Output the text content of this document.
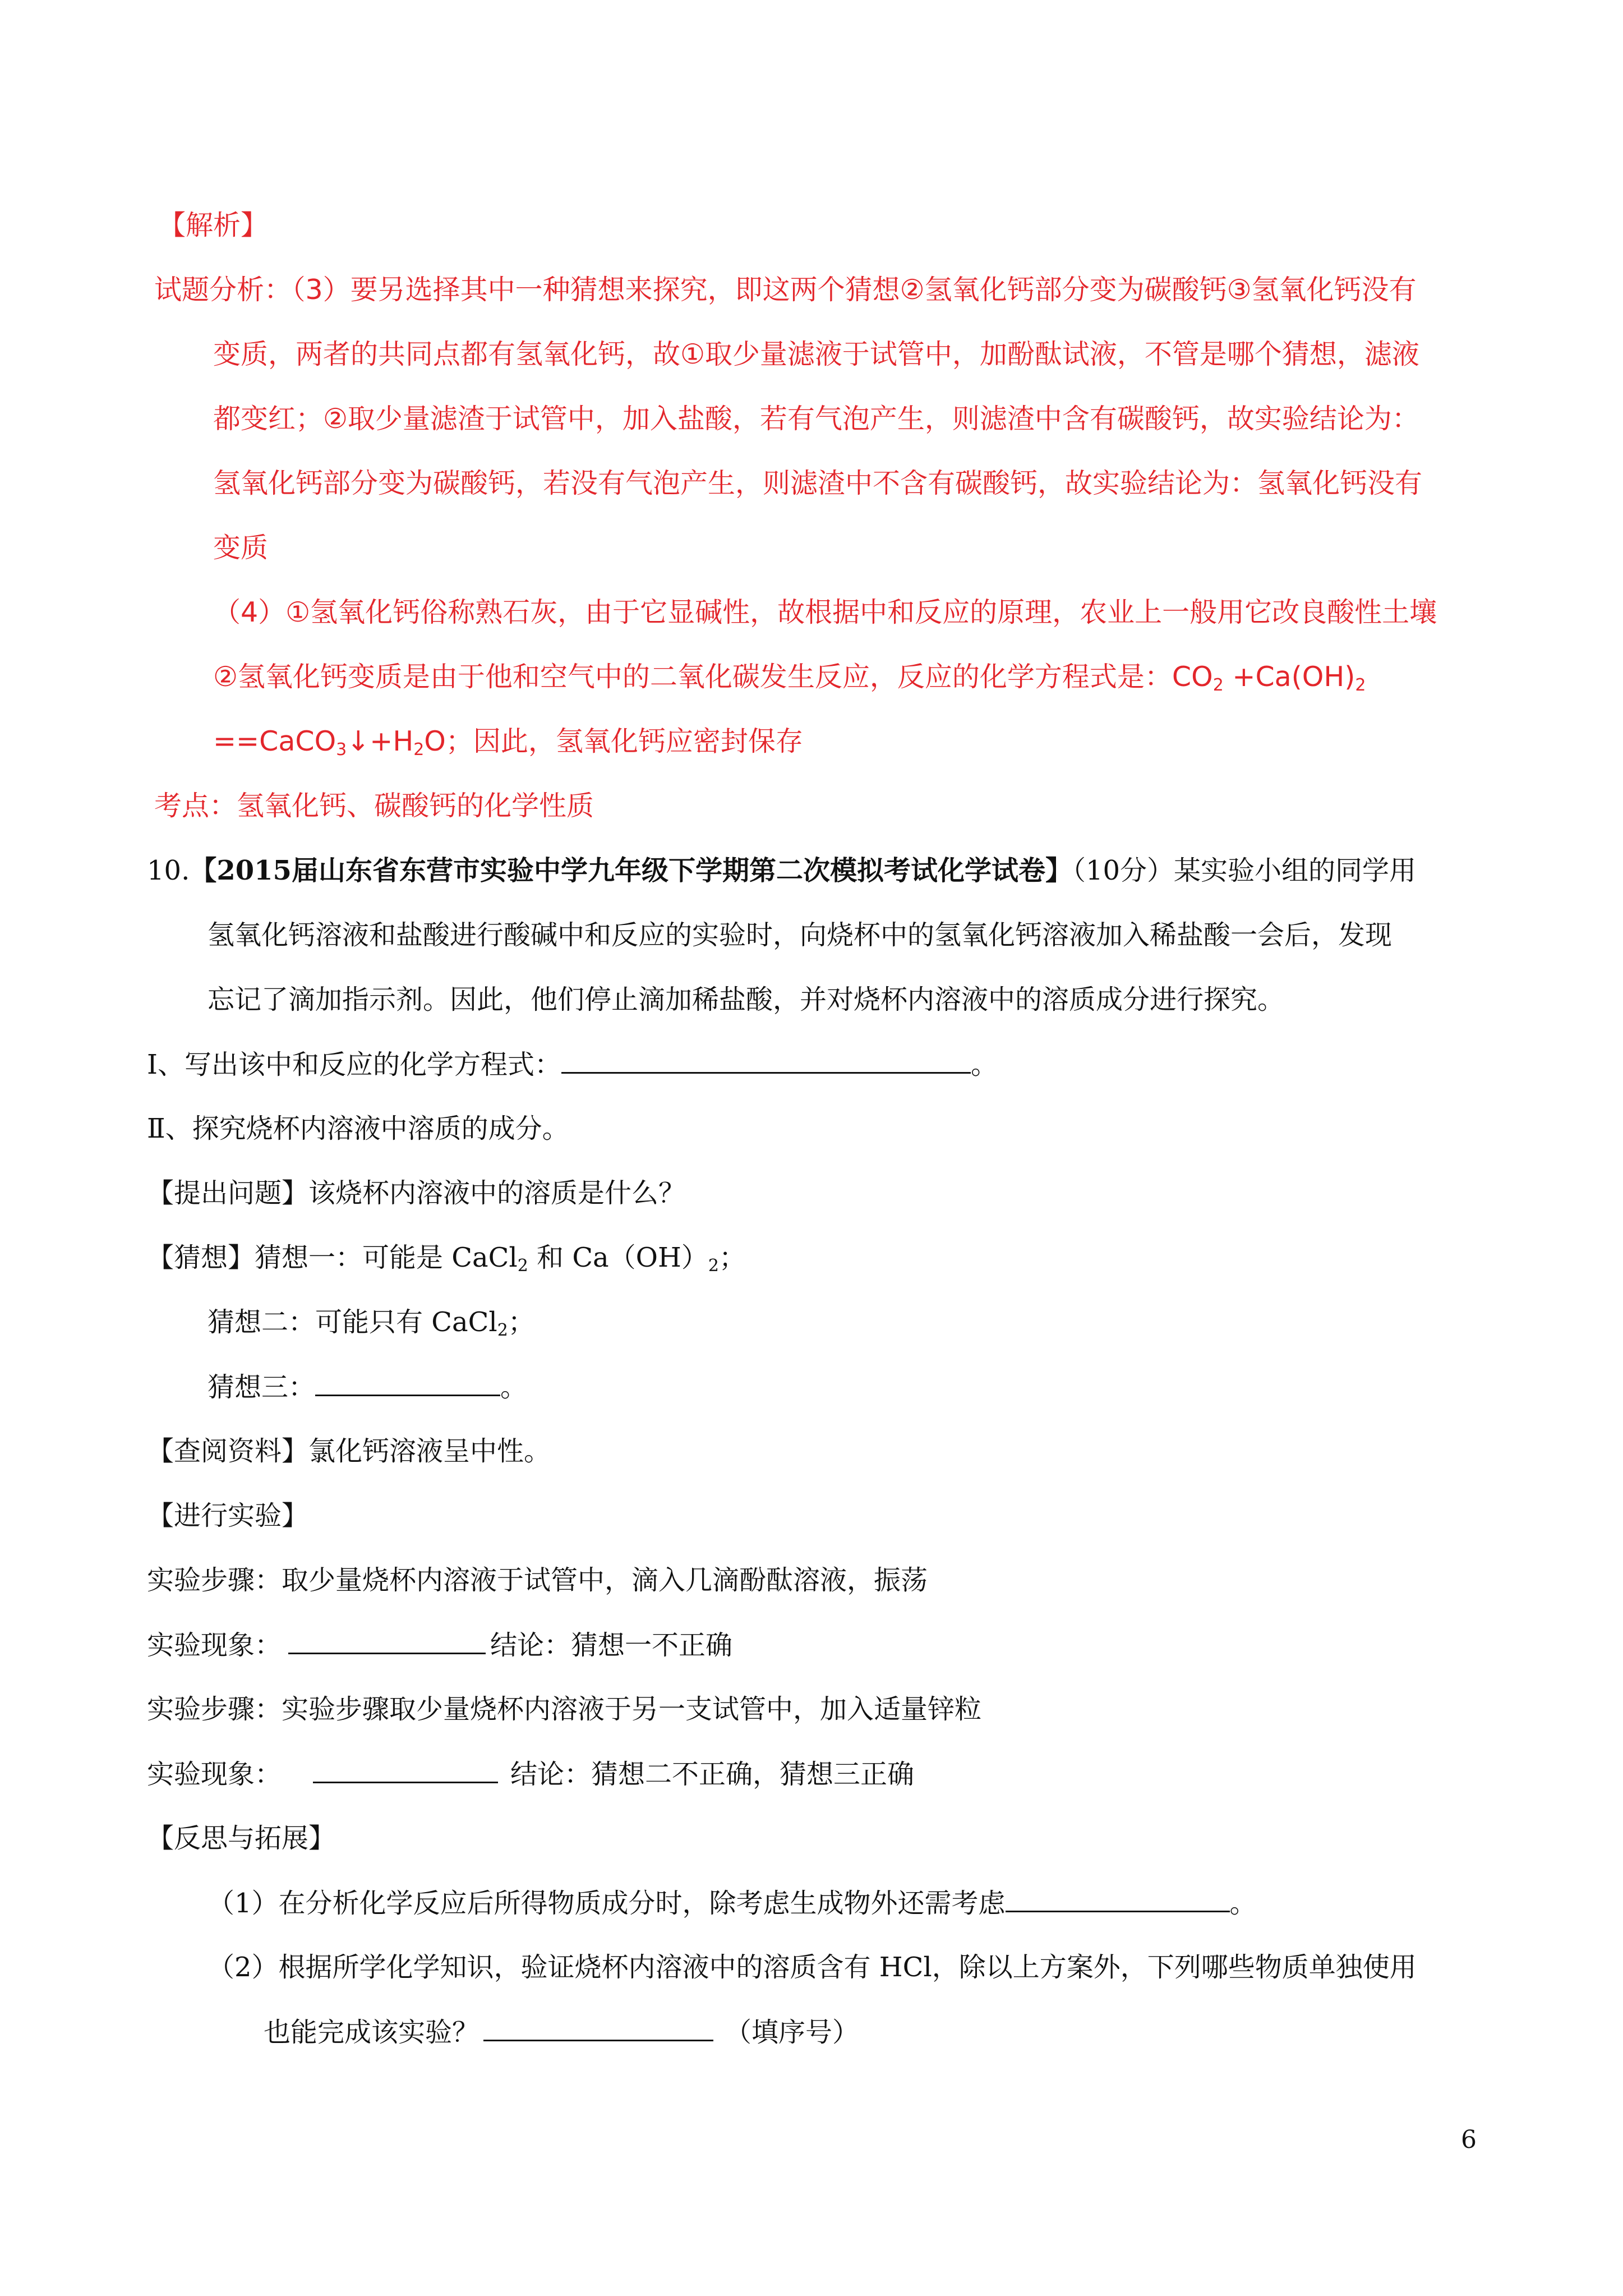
【解析】
试题分析：（3）要另选择其中一种猜想来探究，即这两个猜想②氢氧化钙部分变为碳酸钙③氢氧化钙没有
变质，两者的共同点都有氢氧化钙，故①取少量滤液于试管中，加酚酞试液，不管是哪个猜想，滤液
都变红；②取少量滤渣于试管中，加入盐酸，若有气泡产生，则滤渣中含有碳酸钙，故实验结论为：
氢氧化钙部分变为碳酸钙，若没有气泡产生，则滤渣中不含有碳酸钙，故实验结论为：氢氧化钙没有
变质
（4）①氢氧化钙俗称熟石灰，由于它显碱性，故根据中和反应的原理，农业上一般用它改良酸性土壤
②氢氧化钙变质是由于他和空气中的二氧化碳发生反应，反应的化学方程式是：$CO_2 +Ca(OH)_2$
$==CaCO_3↓+H_2O$；因此，氢氧化钙应密封保存
考点：氢氧化钙、碳酸钙的化学性质
10.【2015届山东省东营市实验中学九年级下学期第二次模拟考试化学试卷】（10分）某实验小组的同学用
氢氧化钙溶液和盐酸进行酸碱中和反应的实验时，向烧杯中的氢氧化钙溶液加入稀盐酸一会后，发现
忘记了滴加指示剂。因此，他们停止滴加稀盐酸，并对烧杯内溶液中的溶质成分进行探究。
Ⅰ、写出该中和反应的化学方程式：	。
Ⅱ、探究烧杯内溶液中溶质的成分。
【提出问题】该烧杯内溶液中的溶质是什么？
【猜想】猜想一：可能是 CaCl$_2$ 和 $Ca(OH)_2$；
猜想二：可能只有 CaCl$_2$；
猜想三：	。
【查阅资料】氯化钙溶液呈中性。
【进行实验】
实验步骤：取少量烧杯内溶液于试管中，滴入几滴酚酞溶液，振荡
实验现象：	结论：猜想一不正确
实验步骤：实验步骤取少量烧杯内溶液于另一支试管中，加入适量锌粒
实验现象：	结论：猜想二不正确，猜想三正确
【反思与拓展】
（1）在分析化学反应后所得物质成分时，除考虑生成物外还需考虑	。
（2）根据所学化学知识，验证烧杯内溶液中的溶质含有 HCl，除以上方案外，下列哪些物质单独使用
也能完成该实验？	（填序号）
6
